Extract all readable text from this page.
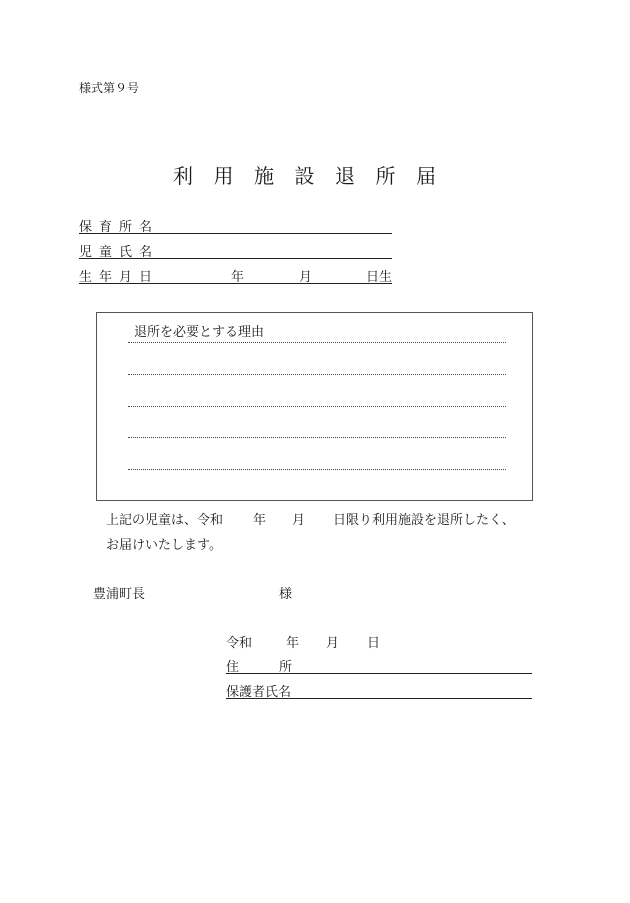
様式第９号
利 用 施 設 退 所 届
保育所名
児童氏名
生年月日	年	月	日生
退所を必要とする理由
上記の児童は、令和 年 月 日限り利用施設を退所したく、
お届けいたします。
豊浦町長	様
令和	年 月 日
住	所
保護者氏名
